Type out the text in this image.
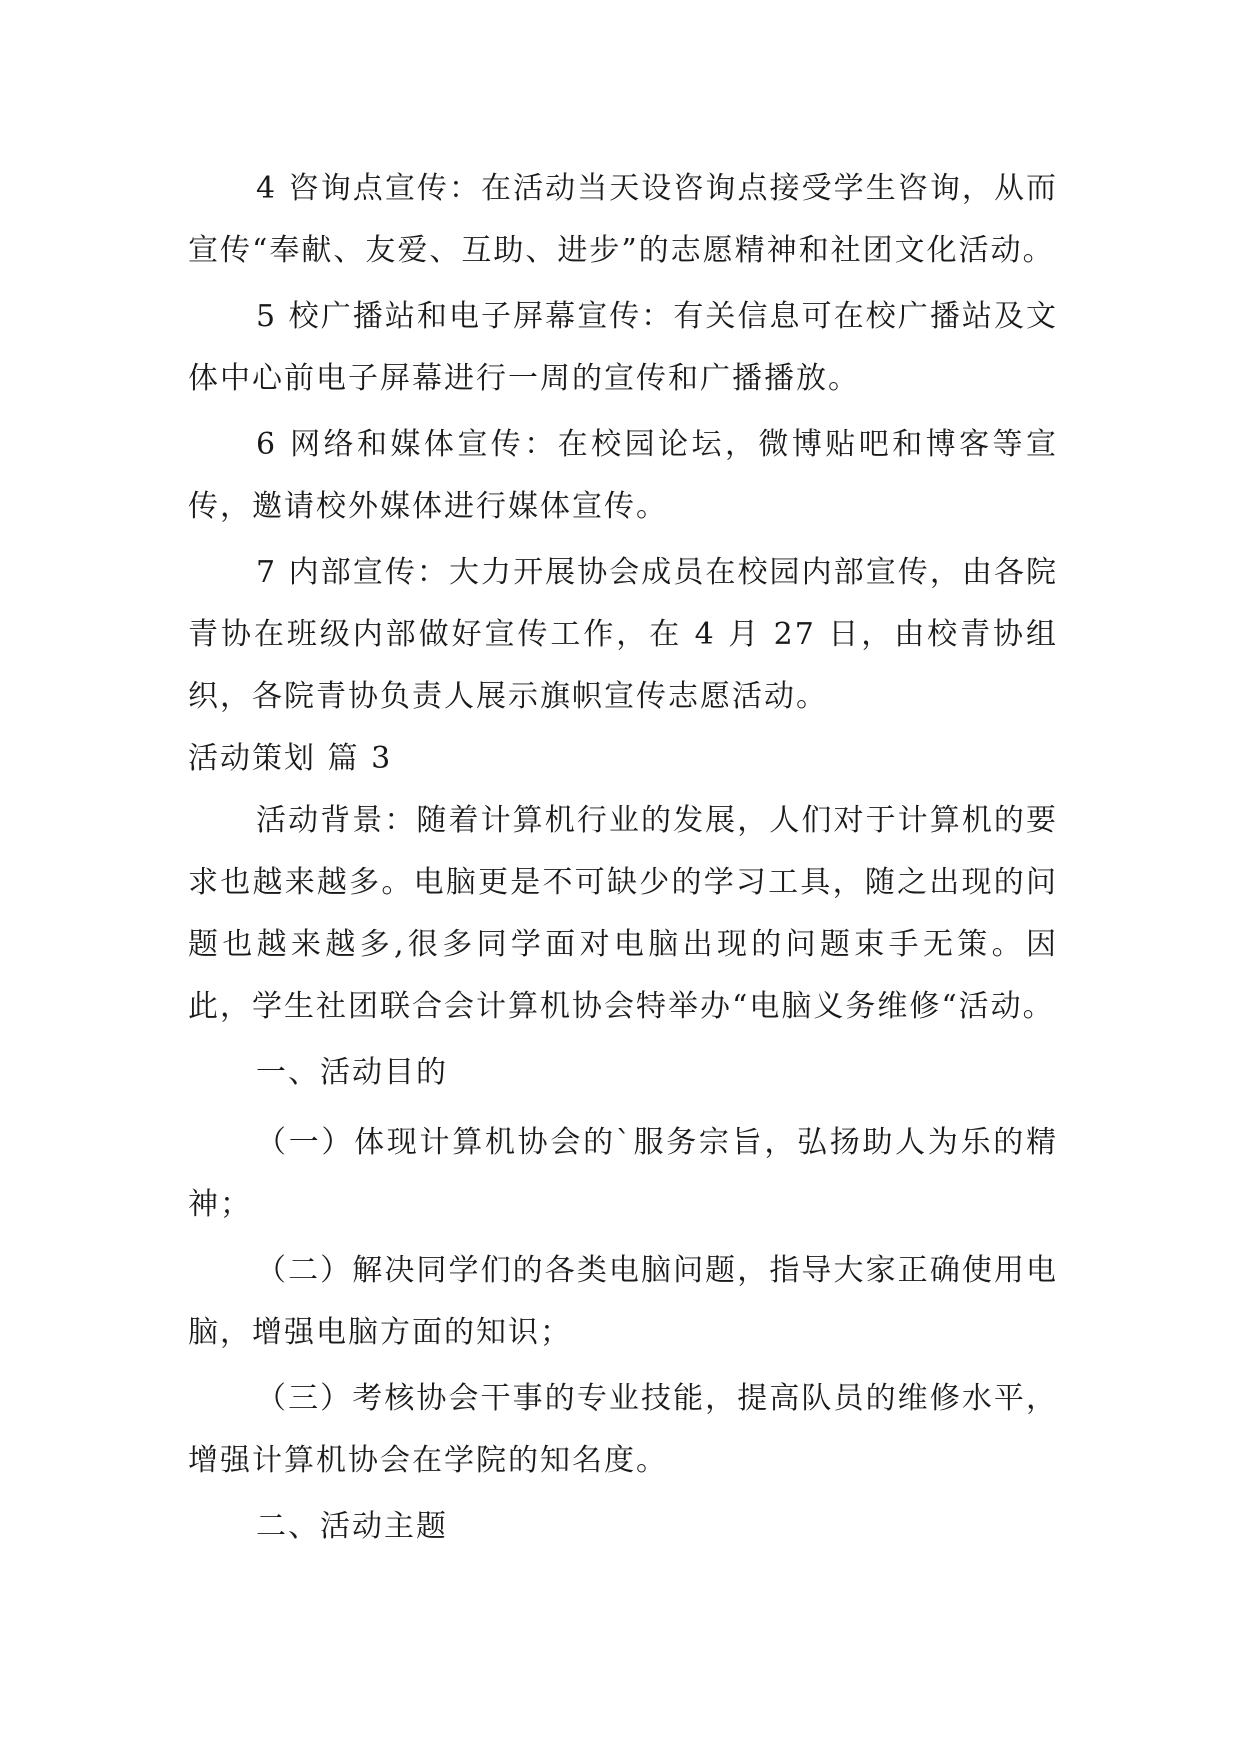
4 咨询点宣传：在活动当天设咨询点接受学生咨询，从而宣传“奉献、友爱、互助、进步”的志愿精神和社团文化活动。

5 校广播站和电子屏幕宣传：有关信息可在校广播站及文体中心前电子屏幕进行一周的宣传和广播播放。

6 网络和媒体宣传：在校园论坛，微博贴吧和博客等宣传，邀请校外媒体进行媒体宣传。

7 内部宣传：大力开展协会成员在校园内部宣传，由各院青协在班级内部做好宣传工作，在 4 月 27 日，由校青协组织，各院青协负责人展示旗帜宣传志愿活动。

活动策划 篇 3

活动背景：随着计算机行业的发展，人们对于计算机的要求也越来越多。电脑更是不可缺少的学习工具，随之出现的问题也越来越多,很多同学面对电脑出现的问题束手无策。因此，学生社团联合会计算机协会特举办“电脑义务维修“活动。

一、活动目的

（一）体现计算机协会的`服务宗旨，弘扬助人为乐的精神；

（二）解决同学们的各类电脑问题，指导大家正确使用电脑，增强电脑方面的知识；

（三）考核协会干事的专业技能，提高队员的维修水平，增强计算机协会在学院的知名度。

二、活动主题
